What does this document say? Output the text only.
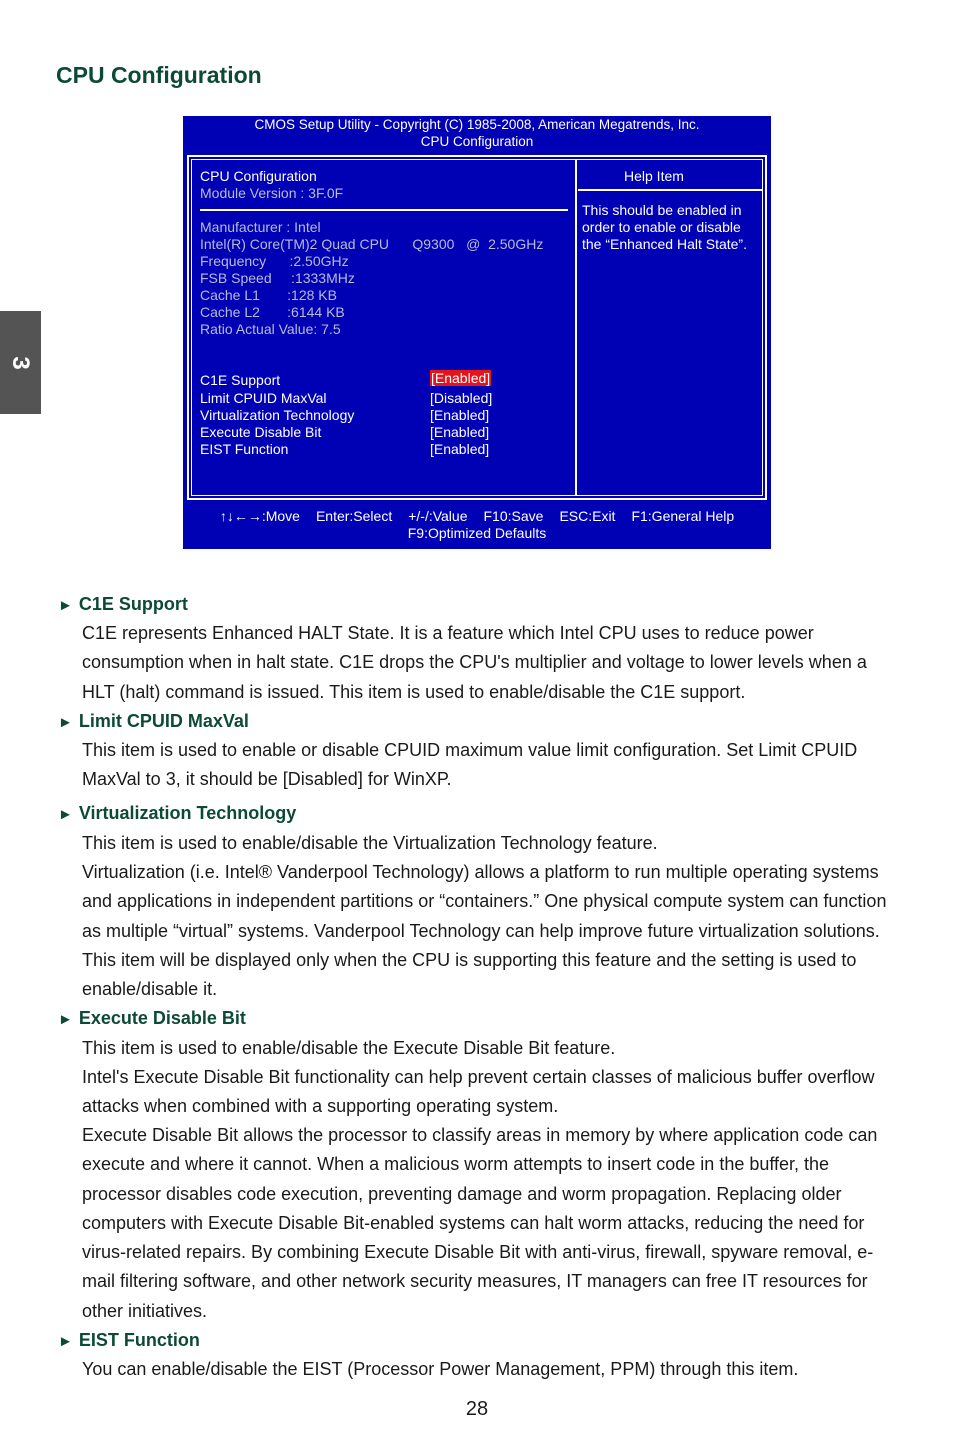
CPU Configuration
3
CMOS Setup Utility - Copyright (C) 1985-2008, American Megatrends, Inc.
CPU Configuration
CPU Configuration
Module Version : 3F.0F
Manufacturer : Intel
Intel(R) Core(TM)2 Quad CPU      Q9300   @  2.50GHz
Frequency      :2.50GHz
FSB Speed     :1333MHz
Cache L1       :128 KB
Cache L2       :6144 KB
Ratio Actual Value: 7.5
C1E Support	[Enabled]
Limit CPUID MaxVal	[Disabled]
Virtualization Technology	[Enabled]
Execute Disable Bit	[Enabled]
EIST Function	[Enabled]
Help Item
This should be enabled in order to enable or disable the “Enhanced Halt State”.
↑↓←→:Move Enter:Select +/-/:Value F10:Save ESC:Exit F1:General Help
F9:Optimized Defaults
► C1E Support
C1E represents Enhanced HALT State. It is a feature which Intel CPU uses to reduce power consumption when in halt state. C1E drops the CPU's multiplier and voltage to lower levels when a HLT (halt) command is issued. This item is used to enable/disable the C1E support.
► Limit CPUID MaxVal
This item is used to enable or disable CPUID maximum value limit configuration. Set Limit CPUID MaxVal to 3, it should be [Disabled] for WinXP.
► Virtualization Technology
This item is used to enable/disable the Virtualization Technology feature.
Virtualization (i.e. Intel® Vanderpool Technology) allows a platform to run multiple operating systems and applications in independent partitions or “containers.” One physical compute system can function as multiple “virtual” systems. Vanderpool Technology can help improve future virtualization solutions. This item will be displayed only when the CPU is supporting this feature and the setting is used to enable/disable it.
► Execute Disable Bit
This item is used to enable/disable the Execute Disable Bit feature.
Intel's Execute Disable Bit functionality can help prevent certain classes of malicious buffer overflow attacks when combined with a supporting operating system.
Execute Disable Bit allows the processor to classify areas in memory by where application code can execute and where it cannot. When a malicious worm attempts to insert code in the buffer, the processor disables code execution, preventing damage and worm propagation. Replacing older computers with Execute Disable Bit-enabled systems can halt worm attacks, reducing the need for virus-related repairs. By combining Execute Disable Bit with anti-virus, firewall, spyware removal, e-mail filtering software, and other network security measures, IT managers can free IT resources for other initiatives.
► EIST Function
You can enable/disable the EIST (Processor Power Management, PPM) through this item.
28
